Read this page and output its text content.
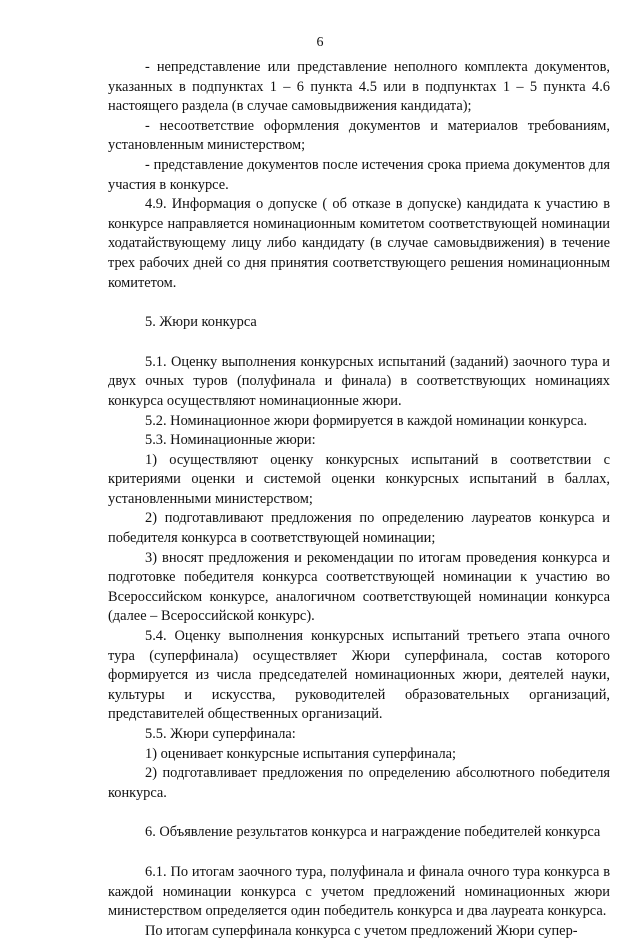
6

- непредставление или представление неполного комплекта документов, указанных в подпунктах 1 – 6 пункта 4.5 или в подпунктах 1 – 5 пункта 4.6 настоящего раздела (в случае самовыдвижения кандидата);

- несоответствие оформления документов и материалов требованиям, установленным министерством;

- представление документов после истечения срока приема документов для участия в конкурсе.

4.9. Информация о допуске ( об отказе в допуске) кандидата к участию в конкурсе направляется номинационным комитетом соответствующей номинации ходатайствующему лицу либо кандидату (в случае самовыдвижения) в течение трех рабочих дней со дня принятия соответствующего решения номинационным комитетом.

5. Жюри конкурса

5.1. Оценку выполнения конкурсных испытаний (заданий) заочного тура и двух очных туров (полуфинала и финала) в соответствующих номинациях конкурса осуществляют номинационные жюри.

5.2. Номинационное жюри формируется в каждой номинации конкурса.

5.3. Номинационные жюри:

1) осуществляют оценку конкурсных испытаний в соответствии с критериями оценки и системой оценки конкурсных испытаний в баллах, установленными министерством;

2) подготавливают предложения по определению лауреатов конкурса и победителя конкурса в соответствующей номинации;

3) вносят предложения и рекомендации по итогам проведения конкурса и подготовке победителя конкурса соответствующей номинации к участию во Всероссийском конкурсе, аналогичном соответствующей номинации конкурса (далее – Всероссийской конкурс).

5.4. Оценку выполнения конкурсных испытаний третьего этапа очного тура (суперфинала) осуществляет Жюри суперфинала, состав которого формируется из числа председателей номинационных жюри, деятелей науки, культуры и искусства, руководителей образовательных организаций, представителей общественных организаций.

5.5. Жюри суперфинала:

1) оценивает конкурсные испытания суперфинала;

2) подготавливает предложения по определению абсолютного победителя конкурса.

6. Объявление результатов конкурса и награждение победителей конкурса

6.1. По итогам заочного тура, полуфинала и финала очного тура конкурса в каждой номинации конкурса с учетом предложений номинационных жюри министерством определяется один победитель конкурса и два лауреата конкурса.

По итогам суперфинала конкурса с учетом предложений Жюри супер-
